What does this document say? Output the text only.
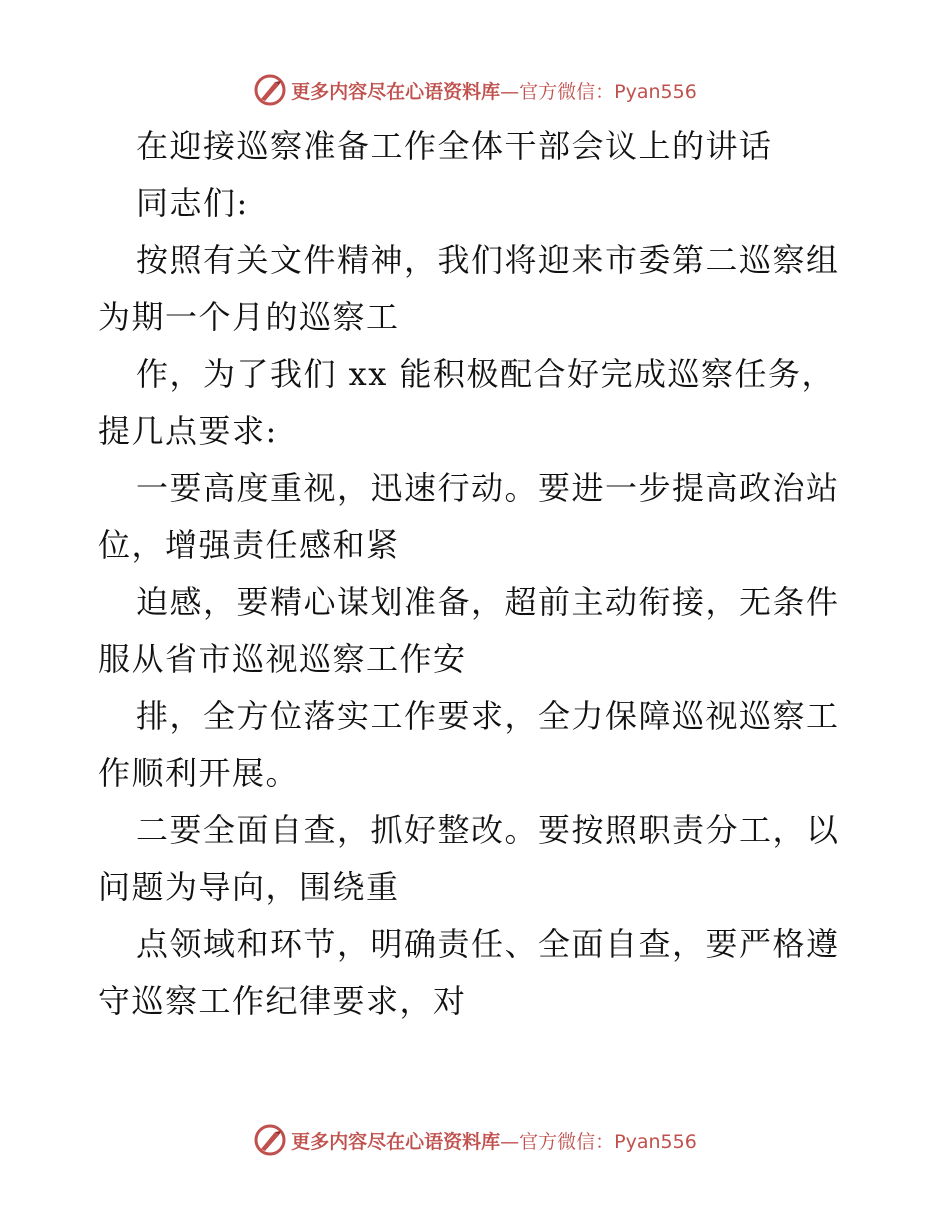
更多内容尽在心语资料库—官方微信：Pyan556

在迎接巡察准备工作全体干部会议上的讲话

同志们:

按照有关文件精神，我们将迎来市委第二巡察组为期一个月的巡察工

作，为了我们 xx 能积极配合好完成巡察任务，提几点要求:

一要高度重视，迅速行动。要进一步提高政治站位，增强责任感和紧

迫感，要精心谋划准备，超前主动衔接，无条件服从省市巡视巡察工作安

排，全方位落实工作要求，全力保障巡视巡察工作顺利开展。

二要全面自查，抓好整改。要按照职责分工，以问题为导向，围绕重

点领域和环节，明确责任、全面自查，要严格遵守巡察工作纪律要求，对

更多内容尽在心语资料库—官方微信：Pyan556
